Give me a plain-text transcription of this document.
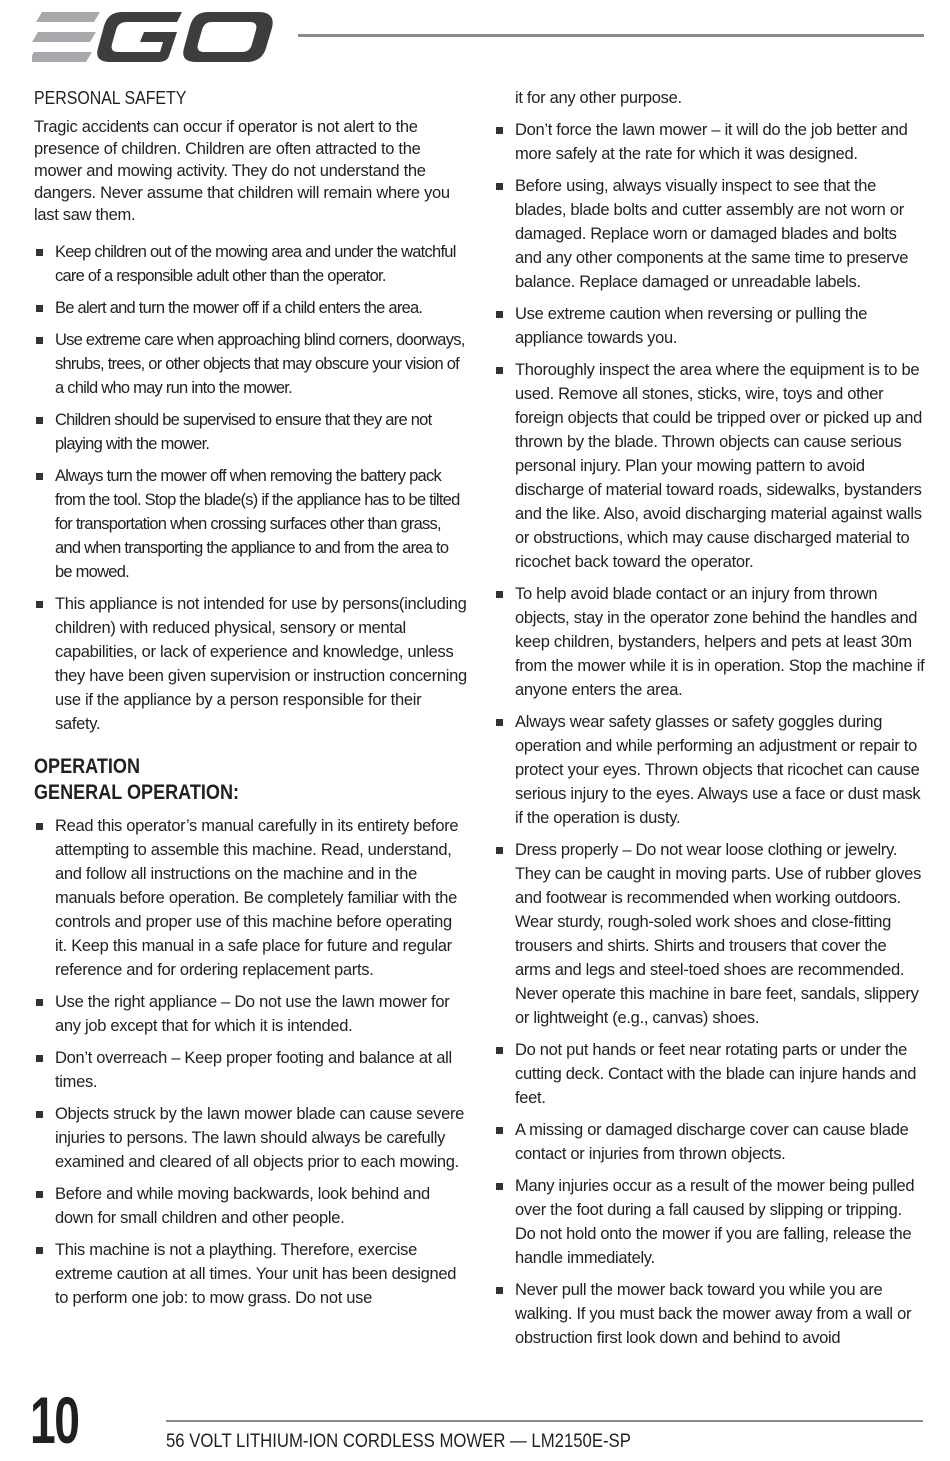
PERSONAL SAFETY

Tragic accidents can occur if operator is not alert to the presence of children. Children are often attracted to the mower and mowing activity. They do not understand the dangers. Never assume that children will remain where you last saw them.

Keep children out of the mowing area and under the watchful care of a responsible adult other than the operator.
Be alert and turn the mower off if a child enters the area.
Use extreme care when approaching blind corners, doorways, shrubs, trees, or other objects that may obscure your vision of a child who may run into the mower.
Children should be supervised to ensure that they are not playing with the mower.
Always turn the mower off when removing the battery pack from the tool. Stop the blade(s) if the appliance has to be tilted for transportation when crossing surfaces other than grass, and when transporting the appliance to and from the area to be mowed.
This appliance is not intended for use by persons(including children) with reduced physical, sensory or mental capabilities, or lack of experience and knowledge, unless they have been given supervision or instruction concerning use if the appliance by a person responsible for their safety.
OPERATION
GENERAL OPERATION:
Read this operator’s manual carefully in its entirety before attempting to assemble this machine. Read, understand, and follow all instructions on the machine and in the manuals before operation. Be completely familiar with the controls and proper use of this machine before operating it. Keep this manual in a safe place for future and regular reference and for ordering replacement parts.
Use the right appliance – Do not use the lawn mower for any job except that for which it is intended.
Don’t overreach – Keep proper footing and balance at all times.
Objects struck by the lawn mower blade can cause severe injuries to persons. The lawn should always be carefully examined and cleared of all objects prior to each mowing.
Before and while moving backwards, look behind and down for small children and other people.
This machine is not a plaything. Therefore, exercise extreme caution at all times. Your unit has been designed to perform one job: to mow grass. Do not use

it for any other purpose.

Don’t force the lawn mower – it will do the job better and more safely at the rate for which it was designed.
Before using, always visually inspect to see that the blades, blade bolts and cutter assembly are not worn or damaged. Replace worn or damaged blades and bolts and any other components at the same time to preserve balance. Replace damaged or unreadable labels.
Use extreme caution when reversing or pulling the appliance towards you.
Thoroughly inspect the area where the equipment is to be used. Remove all stones, sticks, wire, toys and other foreign objects that could be tripped over or picked up and thrown by the blade. Thrown objects can cause serious personal injury. Plan your mowing pattern to avoid discharge of material toward roads, sidewalks, bystanders and the like. Also, avoid discharging material against walls or obstructions, which may cause discharged material to ricochet back toward the operator.
To help avoid blade contact or an injury from thrown objects, stay in the operator zone behind the handles and keep children, bystanders, helpers and pets at least 30m from the mower while it is in operation. Stop the machine if anyone enters the area.
Always wear safety glasses or safety goggles during operation and while performing an adjustment or repair to protect your eyes. Thrown objects that ricochet can cause serious injury to the eyes. Always use a face or dust mask if the operation is dusty.
Dress properly – Do not wear loose clothing or jewelry. They can be caught in moving parts. Use of rubber gloves and footwear is recommended when working outdoors. Wear sturdy, rough-soled work shoes and close-fitting trousers and shirts. Shirts and trousers that cover the arms and legs and steel-toed shoes are recommended. Never operate this machine in bare feet, sandals, slippery or lightweight (e.g., canvas) shoes.
Do not put hands or feet near rotating parts or under the cutting deck. Contact with the blade can injure hands and feet.
A missing or damaged discharge cover can cause blade contact or injuries from thrown objects.
Many injuries occur as a result of the mower being pulled over the foot during a fall caused by slipping or tripping. Do not hold onto the mower if you are falling, release the handle immediately.
Never pull the mower back toward you while you are walking. If you must back the mower away from a wall or obstruction first look down and behind to avoid
10	56 VOLT LITHIUM-ION CORDLESS MOWER — LM2150E-SP
